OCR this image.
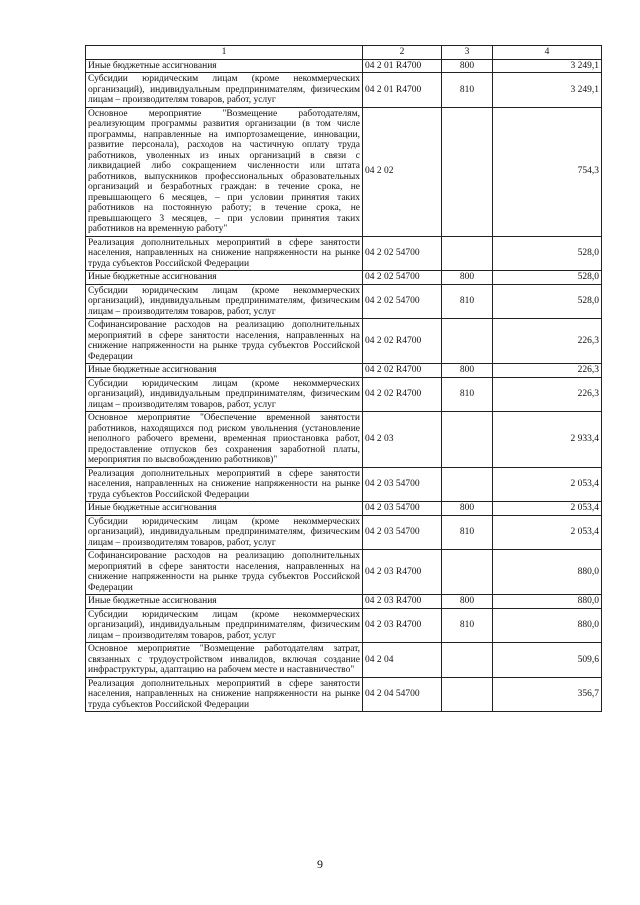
1	2	3	4
Иные бюджетные ассигнования	04 2 01 R4700	800	3 249,1
Субсидии юридическим лицам (кроме некоммерческих организаций), индивидуальным предпринимателям, физическим лицам – производителям товаров, работ, услуг	04 2 01 R4700	810	3 249,1
Основное мероприятие "Возмещение работодателям, реализующим программы развития организации (в том числе программы, направленные на импортозамещение, инновации, развитие персонала), расходов на частичную оплату труда работников, уволенных из иных организаций в связи с ликвидацией либо сокращением численности или штата работников, выпускников профессиональных образовательных организаций и безработных граждан: в течение срока, не превышающего 6 месяцев, – при условии принятия таких работников на постоянную работу; в течение срока, не превышающего 3 месяцев, – при условии принятия таких работников на временную работу"	04 2 02		754,3
Реализация дополнительных мероприятий в сфере занятости населения, направленных на снижение напряженности на рынке труда субъектов Российской Федерации	04 2 02 54700		528,0
Иные бюджетные ассигнования	04 2 02 54700	800	528,0
Субсидии юридическим лицам (кроме некоммерческих организаций), индивидуальным предпринимателям, физическим лицам – производителям товаров, работ, услуг	04 2 02 54700	810	528,0
Софинансирование расходов на реализацию дополнительных мероприятий в сфере занятости населения, направленных на снижение напряженности на рынке труда субъектов Российской Федерации	04 2 02 R4700		226,3
Иные бюджетные ассигнования	04 2 02 R4700	800	226,3
Субсидии юридическим лицам (кроме некоммерческих организаций), индивидуальным предпринимателям, физическим лицам – производителям товаров, работ, услуг	04 2 02 R4700	810	226,3
Основное мероприятие "Обеспечение временной занятости работников, находящихся под риском увольнения (установление неполного рабочего времени, временная приостановка работ, предоставление отпусков без сохранения заработной платы, мероприятия по высвобождению работников)"	04 2 03		2 933,4
Реализация дополнительных мероприятий в сфере занятости населения, направленных на снижение напряженности на рынке труда субъектов Российской Федерации	04 2 03 54700		2 053,4
Иные бюджетные ассигнования	04 2 03 54700	800	2 053,4
Субсидии юридическим лицам (кроме некоммерческих организаций), индивидуальным предпринимателям, физическим лицам – производителям товаров, работ, услуг	04 2 03 54700	810	2 053,4
Софинансирование расходов на реализацию дополнительных мероприятий в сфере занятости населения, направленных на снижение напряженности на рынке труда субъектов Российской Федерации	04 2 03 R4700		880,0
Иные бюджетные ассигнования	04 2 03 R4700	800	880,0
Субсидии юридическим лицам (кроме некоммерческих организаций), индивидуальным предпринимателям, физическим лицам – производителям товаров, работ, услуг	04 2 03 R4700	810	880,0
Основное мероприятие "Возмещение работодателям затрат, связанных с трудоустройством инвалидов, включая создание инфраструктуры, адаптацию на рабочем месте и наставничество"	04 2 04		509,6
Реализация дополнительных мероприятий в сфере занятости населения, направленных на снижение напряженности на рынке труда субъектов Российской Федерации	04 2 04 54700		356,7
9
